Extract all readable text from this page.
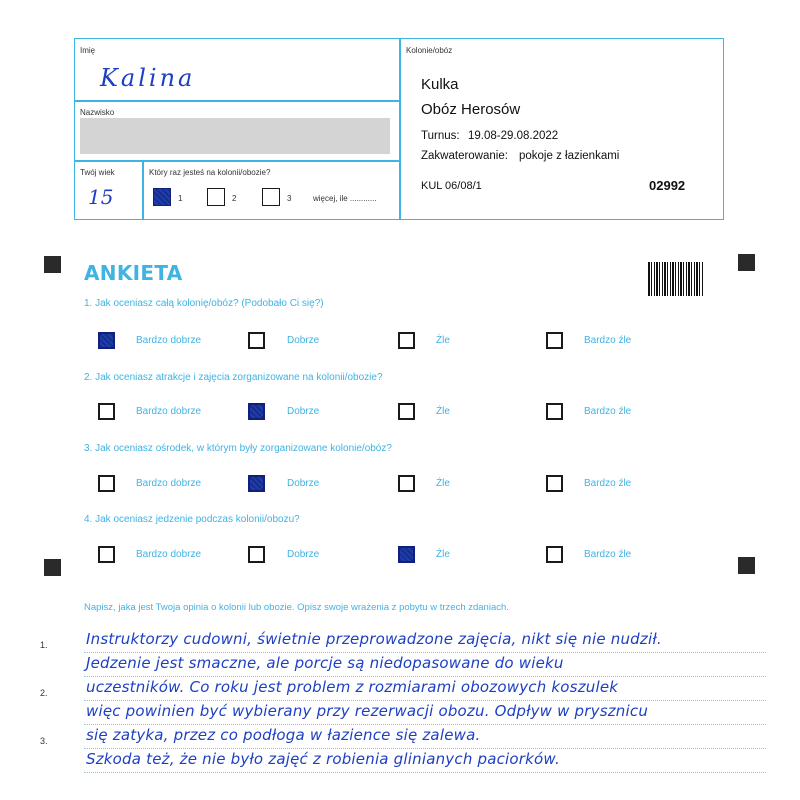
Imię
Kalina
Nazwisko
Twój wiek
15
Który raz jesteś na kolonii/obozie?
1	2	3	więcej, ile ............
Kolonie/obóz
Kulka
Obóz Herosów
Turnus: 19.08-29.08.2022
Zakwaterowanie: pokoje z łazienkami
KUL 06/08/1	02992
ANKIETA
1. Jak oceniasz całą kolonię/obóz? (Podobało Ci się?)
Bardzo dobrze	Dobrze	Źle	Bardzo źle
2. Jak oceniasz atrakcje i zajęcia zorganizowane na kolonii/obozie?
Bardzo dobrze	Dobrze	Źle	Bardzo źle
3. Jak oceniasz ośrodek, w którym były zorganizowane kolonie/obóz?
Bardzo dobrze	Dobrze	Źle	Bardzo źle
4. Jak oceniasz jedzenie podczas kolonii/obozu?
Bardzo dobrze	Dobrze	Źle	Bardzo źle
Napisz, jaka jest Twoja opinia o kolonii lub obozie. Opisz swoje wrażenia z pobytu w trzech zdaniach.
1.
2.
3.
Instruktorzy cudowni, świetnie przeprowadzone zajęcia, nikt się nie nudził.
Jedzenie jest smaczne, ale porcje są niedopasowane do wieku
uczestników. Co roku jest problem z rozmiarami obozowych koszulek
więc powinien być wybierany przy rezerwacji obozu. Odpływ w prysznicu
się zatyka, przez co podłoga w łazience się zalewa.
Szkoda też, że nie było zajęć z robienia glinianych paciorków.
